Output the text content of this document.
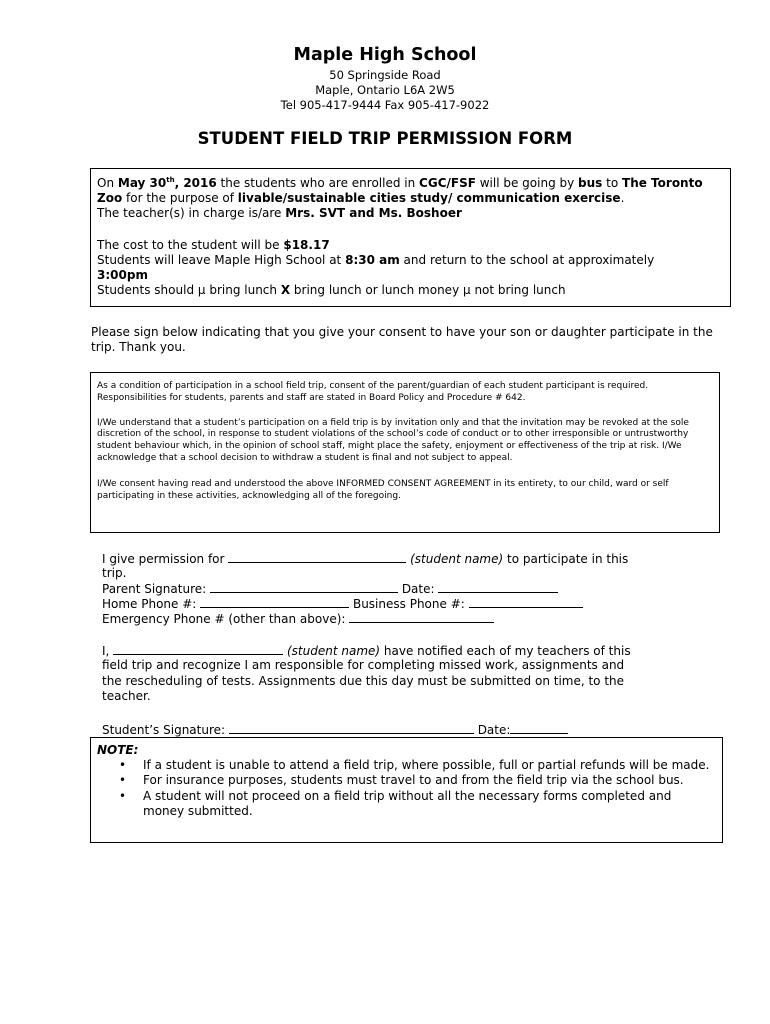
Maple High School
50 Springside Road
Maple, Ontario L6A 2W5
Tel 905-417-9444 Fax 905-417-9022
STUDENT FIELD TRIP PERMISSION FORM

On May 30th, 2016 the students who are enrolled in CGC/FSF will be going by bus to The Toronto Zoo for the purpose of livable/sustainable cities study/ communication exercise.

The teacher(s) in charge is/are Mrs. SVT and Ms. Boshoer

The cost to the student will be $18.17

Students will leave Maple High School at 8:30 am and return to the school at approximately
3:00pm

Students should µ bring lunch X bring lunch or lunch money µ not bring lunch

Please sign below indicating that you give your consent to have your son or daughter participate in the trip. Thank you.

As a condition of participation in a school field trip, consent of the parent/guardian of each student participant is required. Responsibilities for students, parents and staff are stated in Board Policy and Procedure # 642.

I/We understand that a student’s participation on a field trip is by invitation only and that the invitation may be revoked at the sole discretion of the school, in response to student violations of the school’s code of conduct or to other irresponsible or untrustworthy student behaviour which, in the opinion of school staff, might place the safety, enjoyment or effectiveness of the trip at risk. I/We acknowledge that a school decision to withdraw a student is final and not subject to appeal.

I/We consent having read and understood the above INFORMED CONSENT AGREEMENT in its entirety, to our child, ward or self participating in these activities, acknowledging all of the foregoing.

I give permission for	(student name) to participate in this
trip.
Parent Signature:	Date:
Home Phone #:	Business Phone #:
Emergency Phone # (other than above):
I,	(student name) have notified each of my teachers of this
field trip and recognize I am responsible for completing missed work, assignments and
the rescheduling of tests. Assignments due this day must be submitted on time, to the
teacher.
Student’s Signature:	Date:
NOTE:
• If a student is unable to attend a field trip, where possible, full or partial refunds will be made.
• For insurance purposes, students must travel to and from the field trip via the school bus.
• A student will not proceed on a field trip without all the necessary forms completed and money submitted.
